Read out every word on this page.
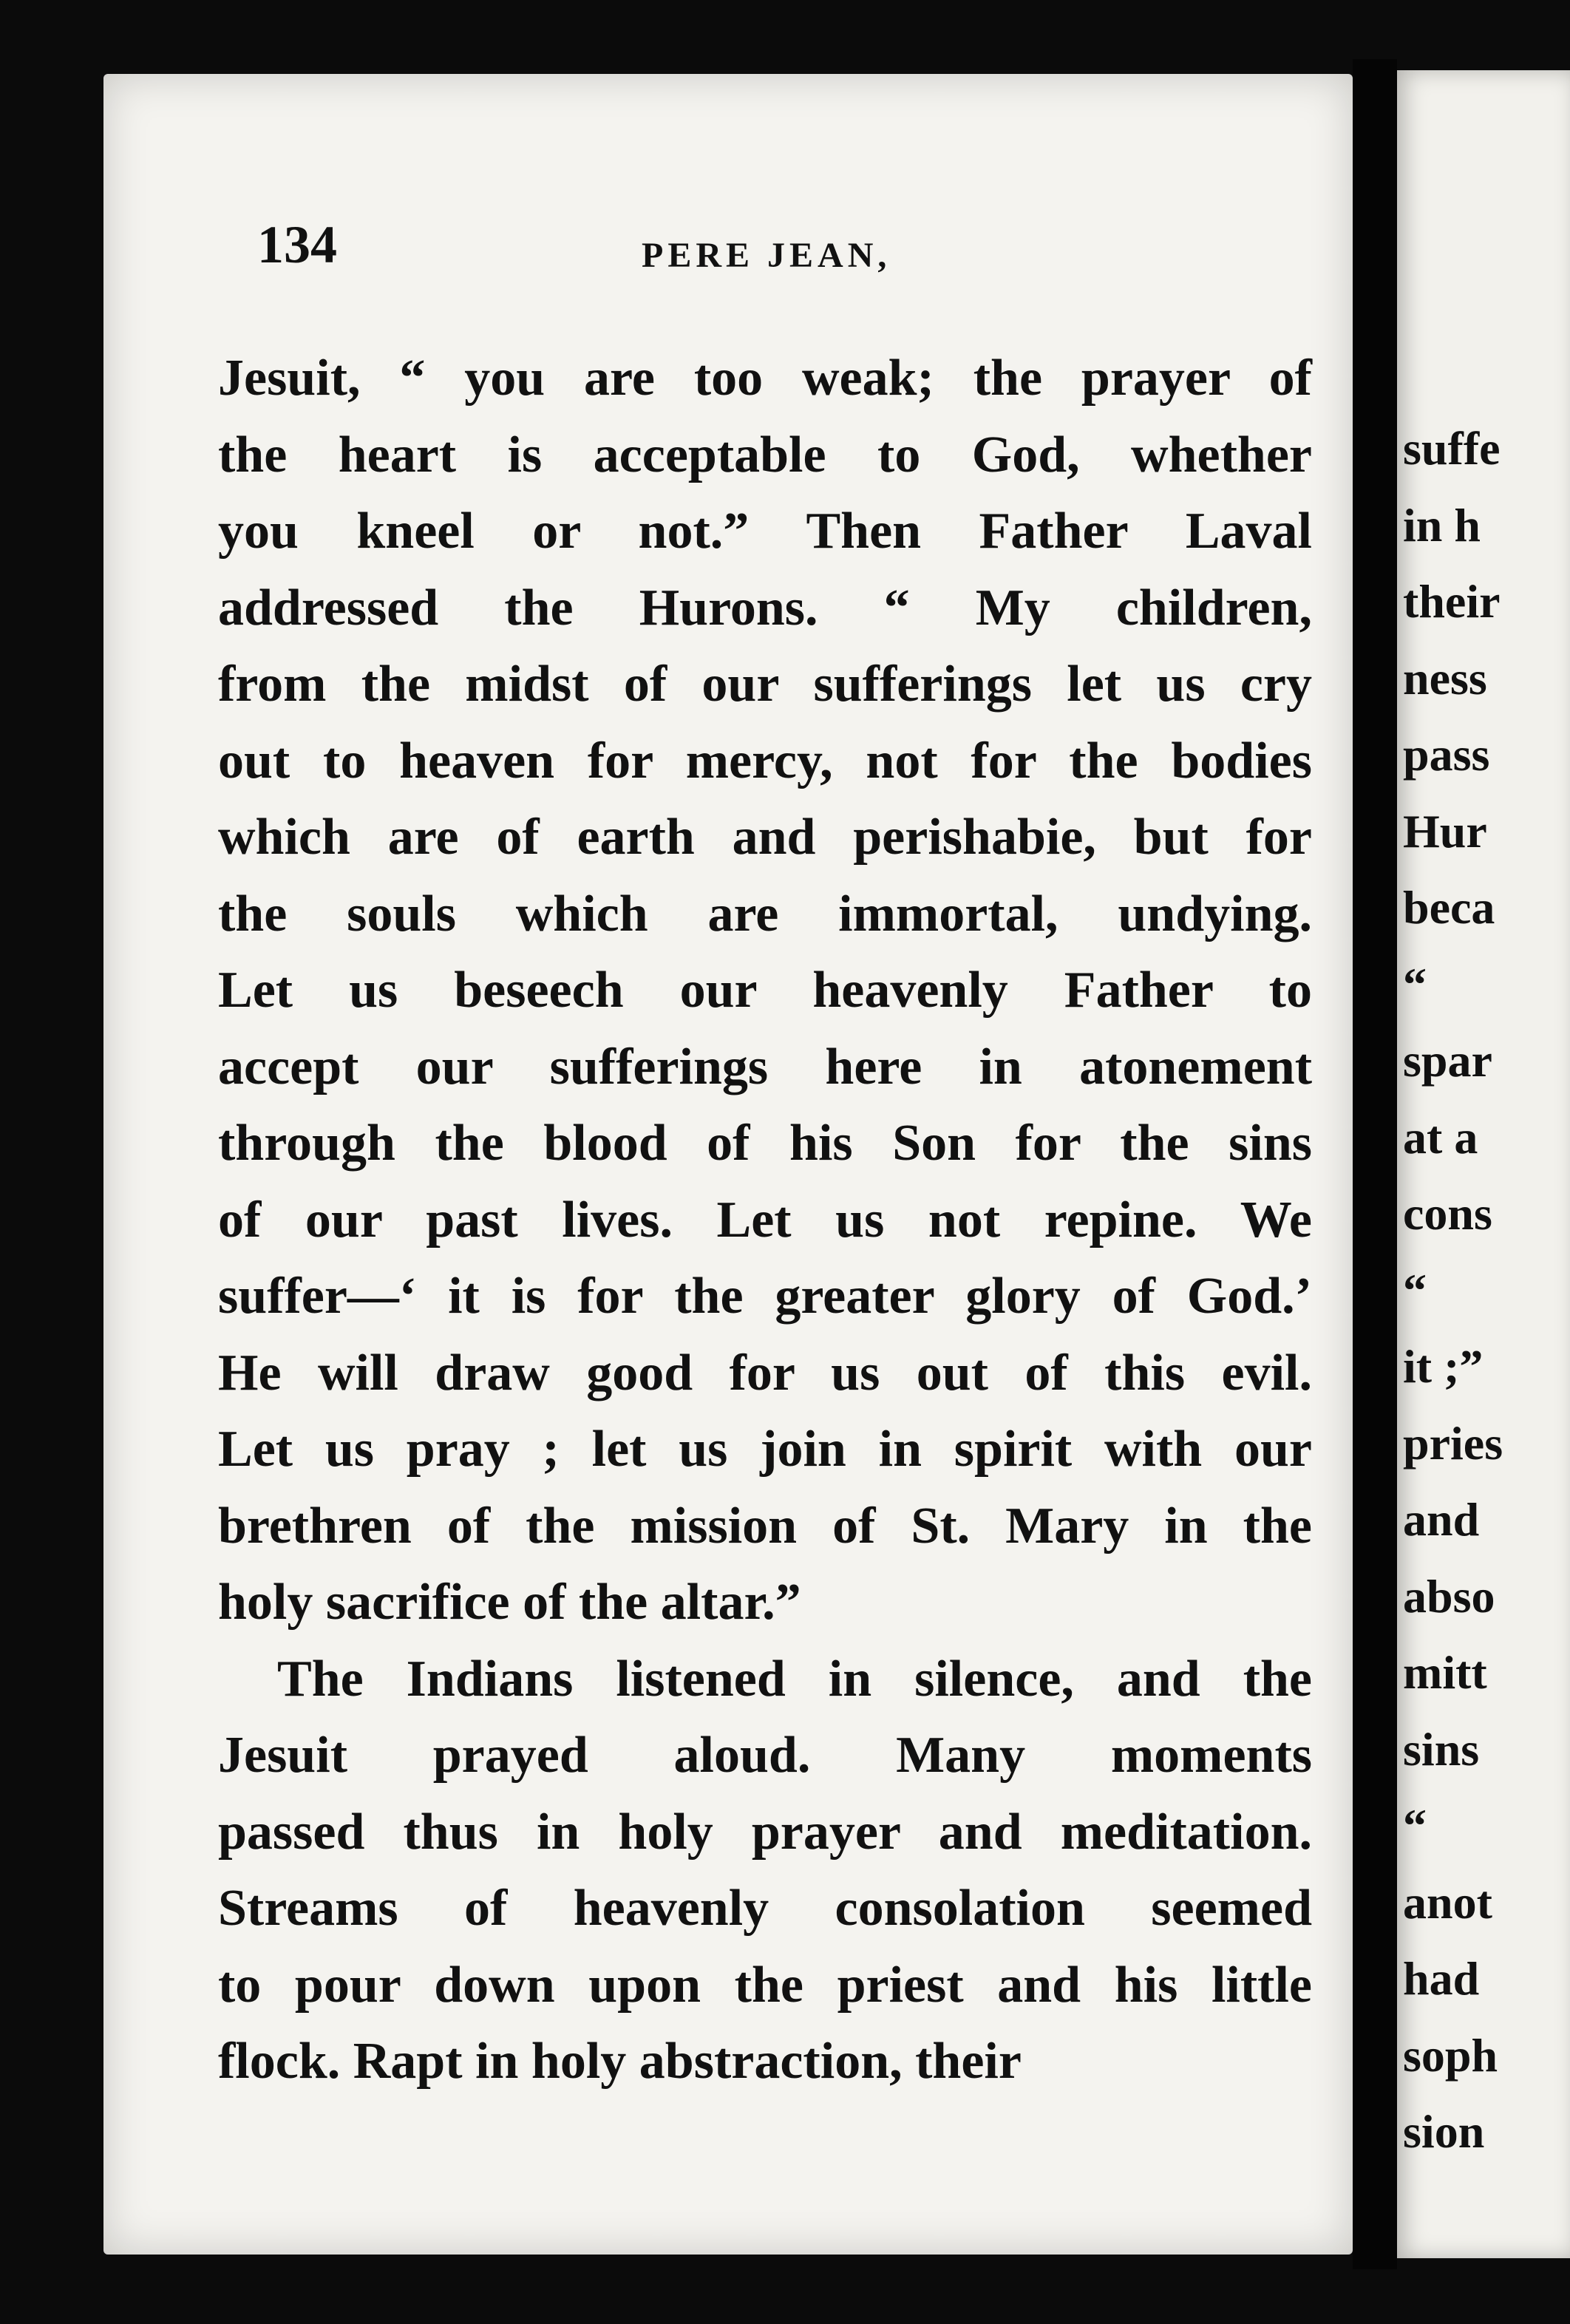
suffe
in h
their
ness
pass
Hur
beca
“
spar
at a
cons
“
it ;”
pries
and
abso
mitt
sins
“
anot
had
soph
sion
134	PERE JEAN,
Jesuit, “ you are too weak; the prayer of
the heart is acceptable to God, whether
you kneel or not.” Then Father Laval
addressed the Hurons. “ My children,
from the midst of our sufferings let us cry
out to heaven for mercy, not for the bodies
which are of earth and perishabie, but for
the souls which are immortal, undying.
Let us beseech our heavenly Father to
accept our sufferings here in atonement
through the blood of his Son for the sins
of our past lives. Let us not repine. We
suffer—‘ it is for the greater glory of God.’
He will draw good for us out of this evil.
Let us pray ; let us join in spirit with our
brethren of the mission of St. Mary in the
holy sacrifice of the altar.”
The Indians listened in silence, and the
Jesuit prayed aloud. Many moments
passed thus in holy prayer and meditation.
Streams of heavenly consolation seemed
to pour down upon the priest and his little
flock. Rapt in holy abstraction, their
